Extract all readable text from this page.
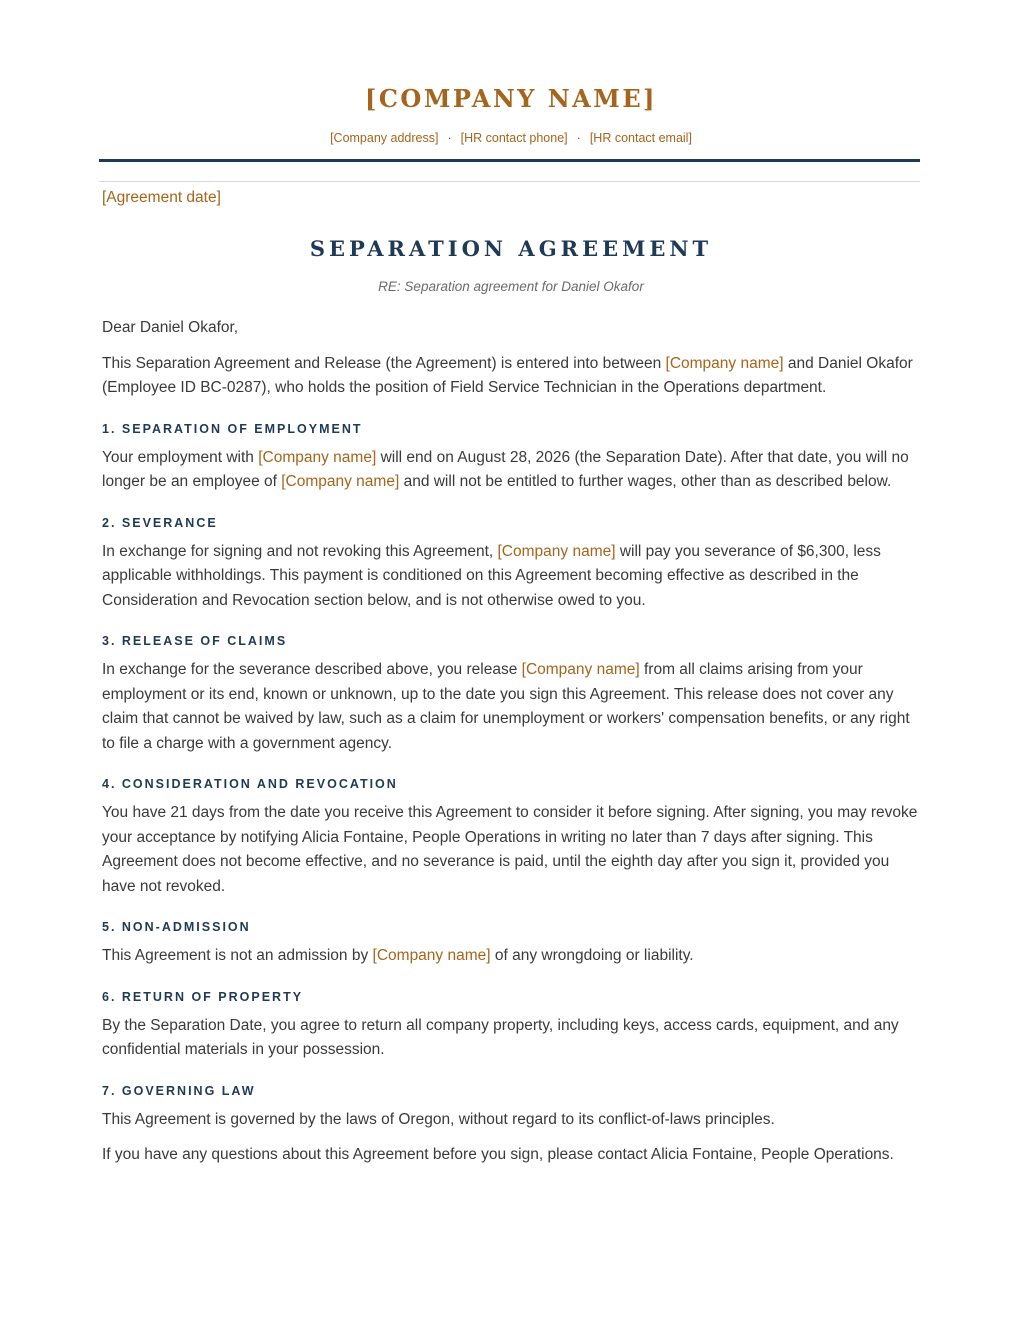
[COMPANY NAME]
[Company address] · [HR contact phone] · [HR contact email]
[Agreement date]
SEPARATION AGREEMENT
RE: Separation agreement for Daniel Okafor

Dear Daniel Okafor,

This Separation Agreement and Release (the Agreement) is entered into between [Company name] and Daniel Okafor (Employee ID BC-0287), who holds the position of Field Service Technician in the Operations department.

1. SEPARATION OF EMPLOYMENT

Your employment with [Company name] will end on August 28, 2026 (the Separation Date). After that date, you will no longer be an employee of [Company name] and will not be entitled to further wages, other than as described below.

2. SEVERANCE

In exchange for signing and not revoking this Agreement, [Company name] will pay you severance of $6,300, less applicable withholdings. This payment is conditioned on this Agreement becoming effective as described in the Consideration and Revocation section below, and is not otherwise owed to you.

3. RELEASE OF CLAIMS

In exchange for the severance described above, you release [Company name] from all claims arising from your employment or its end, known or unknown, up to the date you sign this Agreement. This release does not cover any claim that cannot be waived by law, such as a claim for unemployment or workers' compensation benefits, or any right to file a charge with a government agency.

4. CONSIDERATION AND REVOCATION

You have 21 days from the date you receive this Agreement to consider it before signing. After signing, you may revoke your acceptance by notifying Alicia Fontaine, People Operations in writing no later than 7 days after signing. This Agreement does not become effective, and no severance is paid, until the eighth day after you sign it, provided you have not revoked.

5. NON-ADMISSION

This Agreement is not an admission by [Company name] of any wrongdoing or liability.

6. RETURN OF PROPERTY

By the Separation Date, you agree to return all company property, including keys, access cards, equipment, and any confidential materials in your possession.

7. GOVERNING LAW

This Agreement is governed by the laws of Oregon, without regard to its conflict-of-laws principles.

If you have any questions about this Agreement before you sign, please contact Alicia Fontaine, People Operations.
